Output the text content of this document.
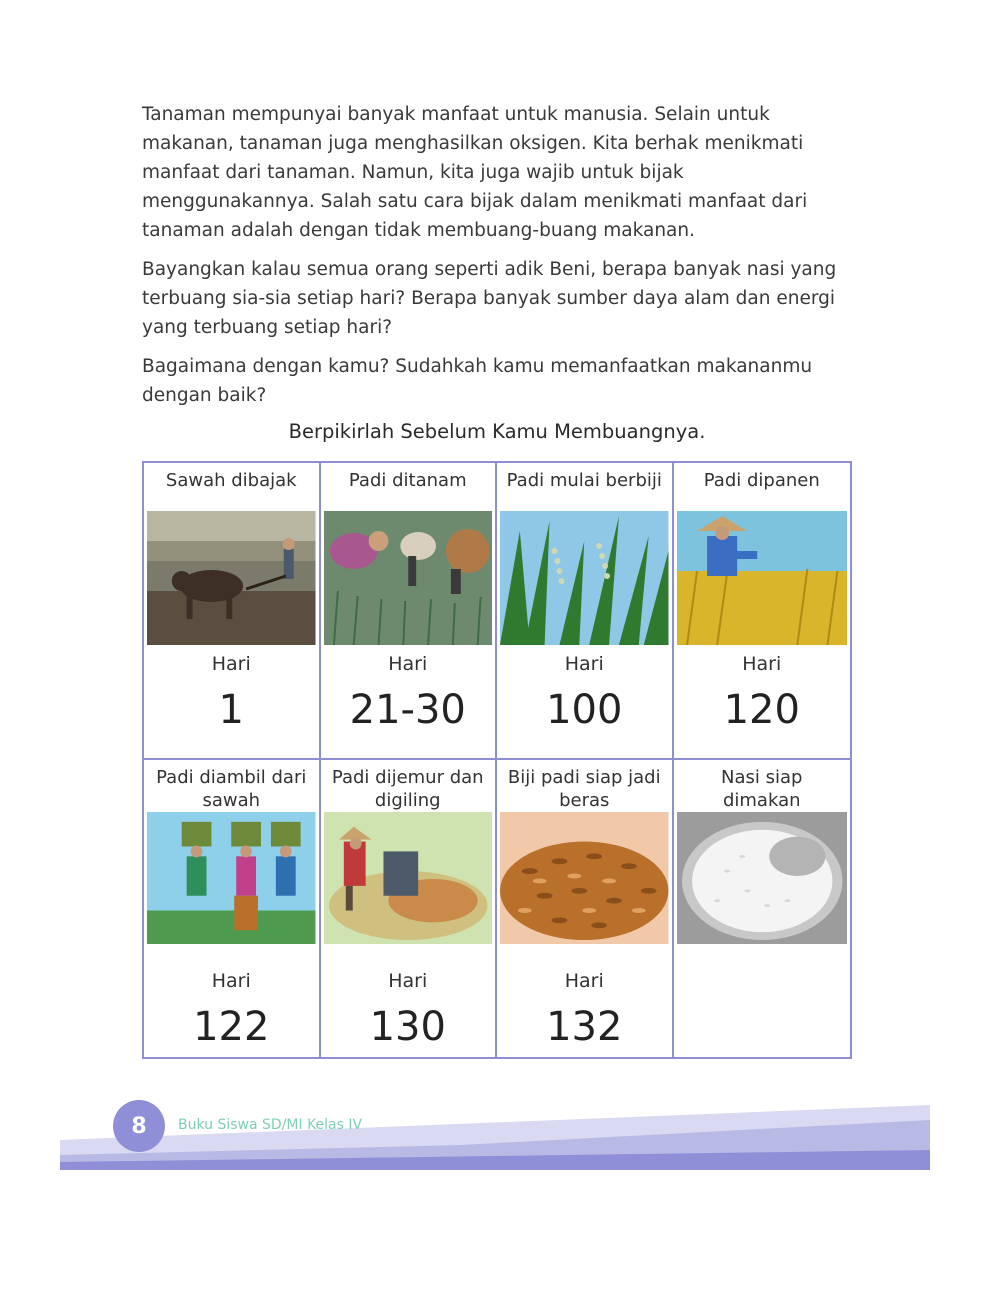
Tanaman mempunyai banyak manfaat untuk manusia. Selain untuk makanan, tanaman juga menghasilkan oksigen. Kita berhak menikmati manfaat dari tanaman. Namun, kita juga wajib untuk bijak menggunakannya. Salah satu cara bijak dalam menikmati manfaat dari tanaman adalah dengan tidak membuang-buang makanan.

Bayangkan kalau semua orang seperti adik Beni, berapa banyak nasi yang terbuang sia-sia setiap hari? Berapa banyak sumber daya alam dan energi yang terbuang setiap hari?

Bagaimana dengan kamu? Sudahkah kamu memanfaatkan makananmu dengan baik?

Berpikirlah Sebelum Kamu Membuangnya.
Sawah dibajak
Hari
1
Padi ditanam
Hari
21-30
Padi mulai berbiji
Hari
100
Padi dipanen
Hari
120
Padi diambil dari sawah
Hari
122
Padi dijemur dan digiling
Hari
130
Biji padi siap jadi beras
Hari
132
Nasi siap dimakan
8	Buku Siswa SD/MI Kelas IV
